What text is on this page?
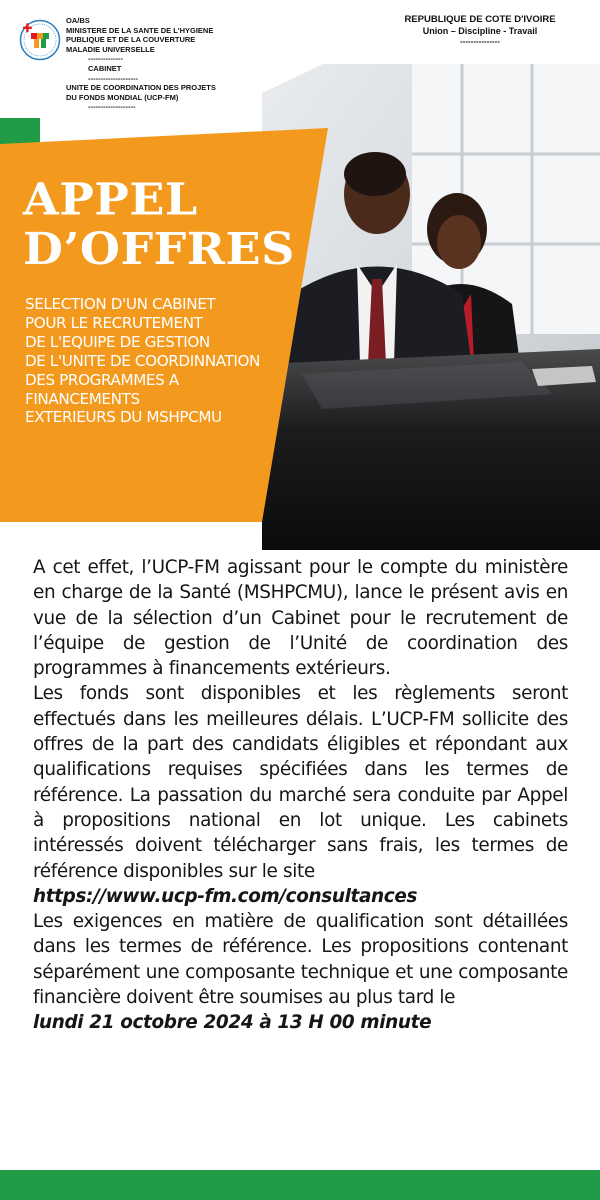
OA/BS
MINISTERE DE LA SANTE DE L'HYGIENE
PUBLIQUE ET DE LA COUVERTURE
MALADIE UNIVERSELLE
--------------
CABINET
--------------------
UNITE DE COORDINATION DES PROJETS
DU FONDS MONDIAL (UCP-FM)
-------------------
REPUBLIQUE DE COTE D'IVOIRE
Union – Discipline - Travail
---------------
APPEL
D’OFFRES
SELECTION D'UN CABINET
POUR LE RECRUTEMENT
DE L'EQUIPE DE GESTION
DE L'UNITE DE COORDINNATION
DES PROGRAMMES A
FINANCEMENTS
EXTERIEURS DU MSHPCMU

A cet effet, l’UCP-FM agissant pour le compte du ministère en charge de la Santé (MSHPCMU), lance le présent avis en vue de la sélection d’un Cabinet pour le recrutement de l’équipe de gestion de l’Unité de coordination des programmes à financements extérieurs.

Les fonds sont disponibles et les règlements seront effectués dans les meilleures délais. L’UCP-FM sollicite des offres de la part des candidats éligibles et répondant aux qualifications requises spécifiées dans les termes de référence. La passation du marché sera conduite par Appel à propositions national en lot unique. Les cabinets intéressés doivent télécharger sans frais, les termes de référence disponibles sur le site

https://www.ucp-fm.com/consultances

Les exigences en matière de qualification sont détaillées dans les termes de référence. Les propositions contenant séparément une composante technique et une composante financière doivent être soumises au plus tard le

lundi 21 octobre 2024 à 13 H 00 minute
